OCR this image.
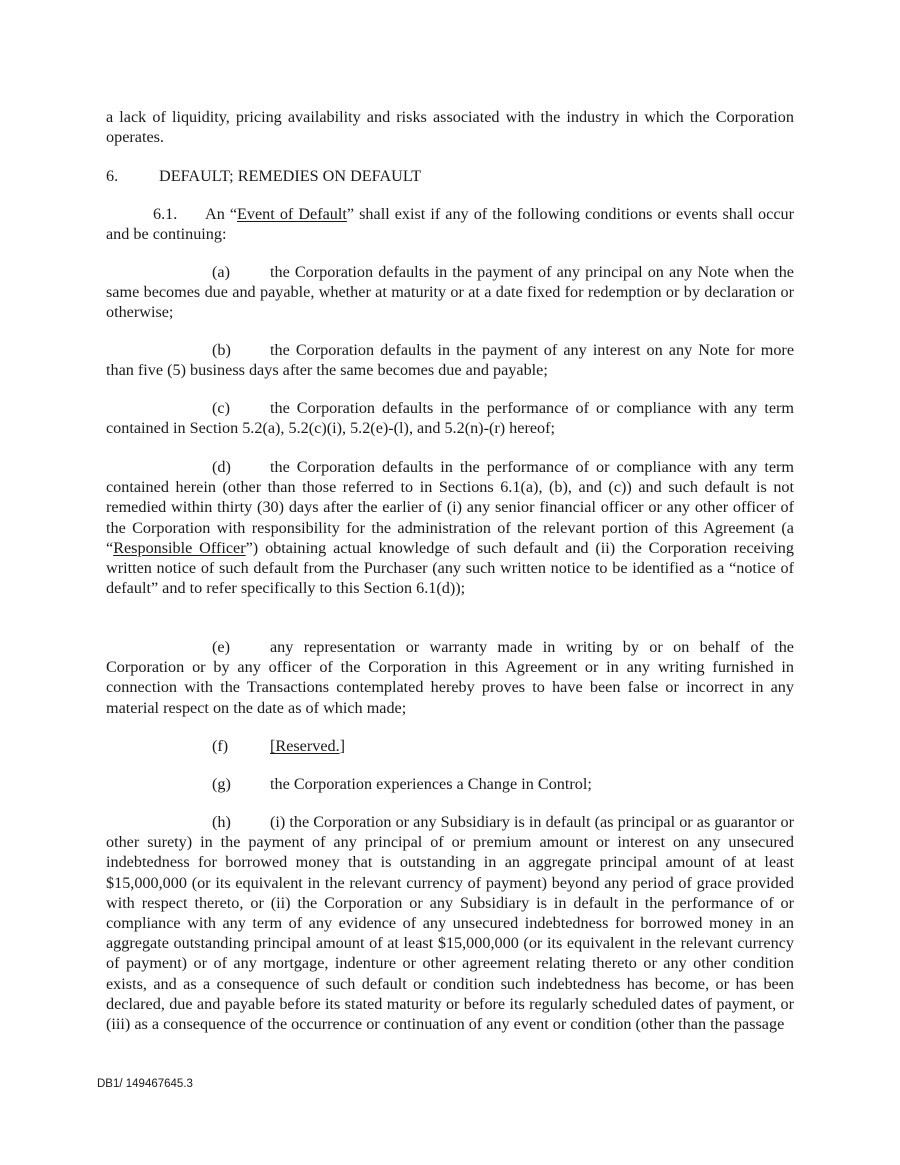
a lack of liquidity, pricing availability and risks associated with the industry in which the Corporation operates.

6.	DEFAULT; REMEDIES ON DEFAULT

6.1. An “Event of Default” shall exist if any of the following conditions or events shall occur and be continuing:

(a) the Corporation defaults in the payment of any principal on any Note when the same becomes due and payable, whether at maturity or at a date fixed for redemption or by declaration or otherwise;

(b) the Corporation defaults in the payment of any interest on any Note for more than five (5) business days after the same becomes due and payable;

(c) the Corporation defaults in the performance of or compliance with any term contained in Section 5.2(a), 5.2(c)(i), 5.2(e)-(l), and 5.2(n)-(r) hereof;

(d) the Corporation defaults in the performance of or compliance with any term contained herein (other than those referred to in Sections 6.1(a), (b), and (c)) and such default is not remedied within thirty (30) days after the earlier of (i) any senior financial officer or any other officer of the Corporation with responsibility for the administration of the relevant portion of this Agreement (a “Responsible Officer”) obtaining actual knowledge of such default and (ii) the Corporation receiving written notice of such default from the Purchaser (any such written notice to be identified as a “notice of default” and to refer specifically to this Section 6.1(d));

(e) any representation or warranty made in writing by or on behalf of the Corporation or by any officer of the Corporation in this Agreement or in any writing furnished in connection with the Transactions contemplated hereby proves to have been false or incorrect in any material respect on the date as of which made;

(f)	[Reserved.]

(g) the Corporation experiences a Change in Control;

(h) (i) the Corporation or any Subsidiary is in default (as principal or as guarantor or other surety) in the payment of any principal of or premium amount or interest on any unsecured indebtedness for borrowed money that is outstanding in an aggregate principal amount of at least $15,000,000 (or its equivalent in the relevant currency of payment) beyond any period of grace provided with respect thereto, or (ii) the Corporation or any Subsidiary is in default in the performance of or compliance with any term of any evidence of any unsecured indebtedness for borrowed money in an aggregate outstanding principal amount of at least $15,000,000 (or its equivalent in the relevant currency of payment) or of any mortgage, indenture or other agreement relating thereto or any other condition exists, and as a consequence of such default or condition such indebtedness has become, or has been declared, due and payable before its stated maturity or before its regularly scheduled dates of payment, or (iii) as a consequence of the occurrence or continuation of any event or condition (other than the passage

DB1/ 149467645.3
